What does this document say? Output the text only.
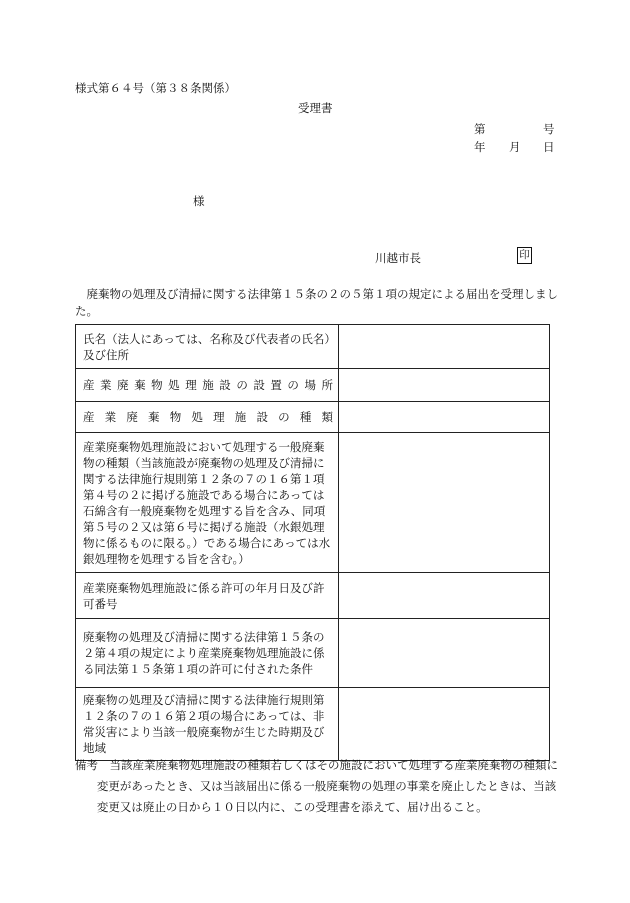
様式第６４号（第３８条関係）
受理書
第	号
年 月 日
様
川越市長	印
廃棄物の処理及び清掃に関する法律第１５条の２の５第１項の規定による届出を受理しました。
氏名（法人にあっては、名称及び代表者の氏名）及び住所	

産業廃棄物処理施設の設置の場所	

産業廃棄物処理施設の種類	

産業廃棄物処理施設において処理する一般廃棄物の種類（当該施設が廃棄物の処理及び清掃に関する法律施行規則第１２条の７の１６第１項第４号の２に掲げる施設である場合にあっては石綿含有一般廃棄物を処理する旨を含み、同項第５号の２又は第６号に掲げる施設（水銀処理物に係るものに限る。）である場合にあっては水銀処理物を処理する旨を含む。）	
産業廃棄物処理施設に係る許可の年月日及び許可番号	
廃棄物の処理及び清掃に関する法律第１５条の２第４項の規定により産業廃棄物処理施設に係る同法第１５条第１項の許可に付された条件	
廃棄物の処理及び清掃に関する法律施行規則第１２条の７の１６第２項の場合にあっては、非常災害により当該一般廃棄物が生じた時期及び地域	
備考　 当該産業廃棄物処理施設の種類若しくはその施設において処理する産業廃棄物の種類に変更があったとき、又は当該届出に係る一般廃棄物の処理の事業を廃止したときは、当該変更又は廃止の日から１０日以内に、この受理書を添えて、届け出ること。
